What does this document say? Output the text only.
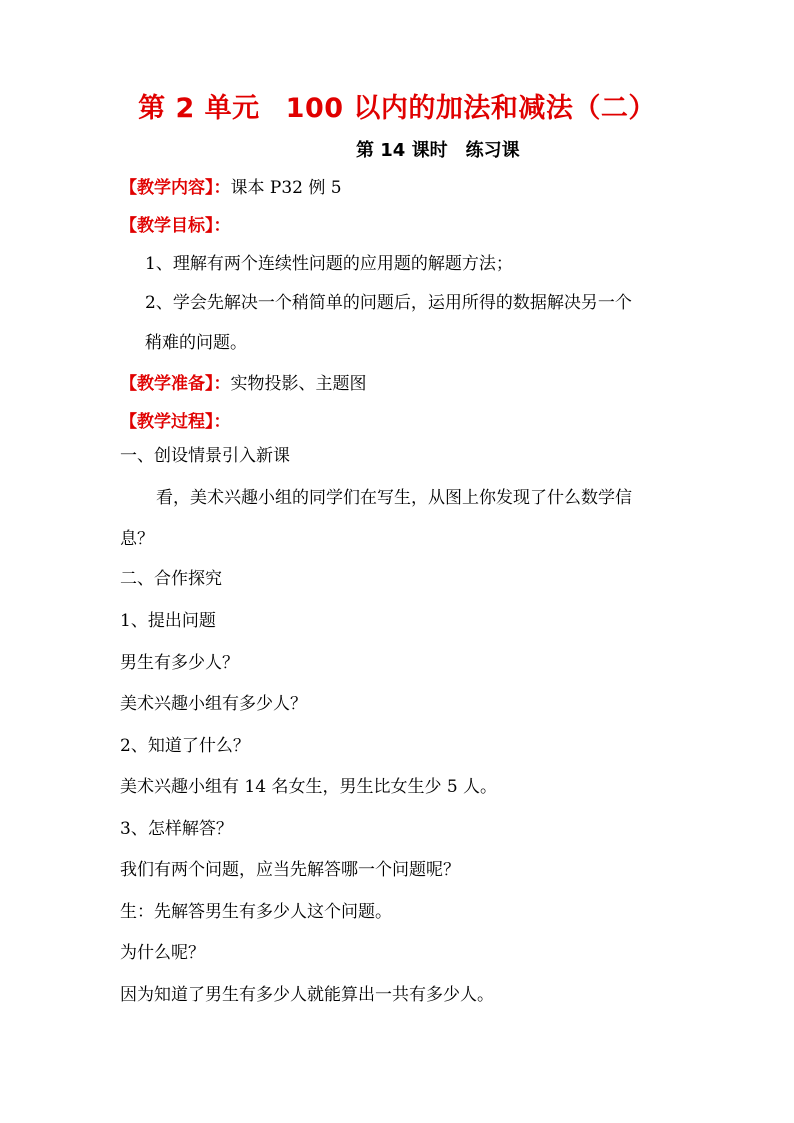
第 2 单元 100 以内的加法和减法（二）
第 14 课时 练习课
【教学内容】：课本 P32 例 5
【教学目标】：
1、理解有两个连续性问题的应用题的解题方法；
2、学会先解决一个稍简单的问题后，运用所得的数据解决另一个
稍难的问题。
【教学准备】：实物投影、主题图
【教学过程】：
一、创设情景引入新课
看，美术兴趣小组的同学们在写生，从图上你发现了什么数学信
息？
二、合作探究
1、提出问题
男生有多少人？
美术兴趣小组有多少人？
2、知道了什么？
美术兴趣小组有 14 名女生，男生比女生少 5 人。
3、怎样解答？
我们有两个问题，应当先解答哪一个问题呢？
生：先解答男生有多少人这个问题。
为什么呢？
因为知道了男生有多少人就能算出一共有多少人。
